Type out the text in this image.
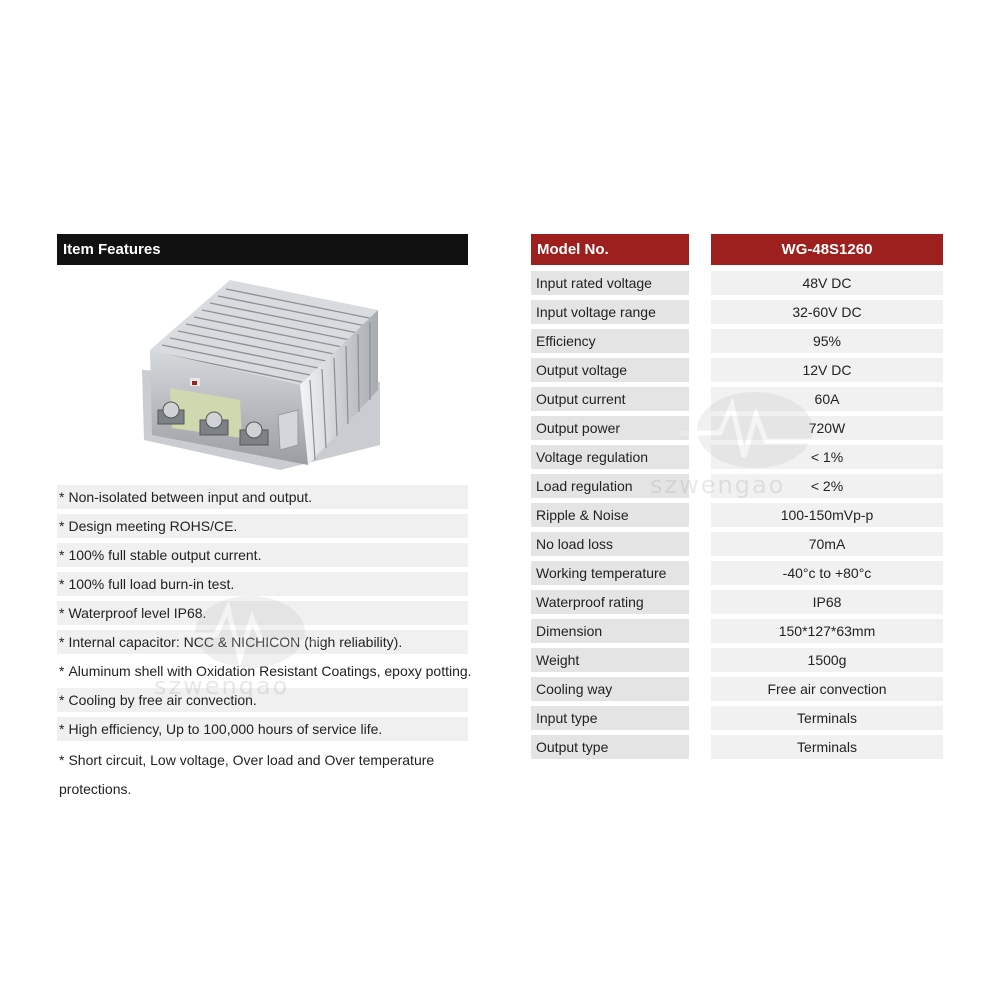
Item Features
* Non-isolated between input and output.
* Design meeting ROHS/CE.
* 100% full stable output current.
* 100% full load burn-in test.
* Waterproof level IP68.
* Internal capacitor: NCC & NICHICON (high reliability).
* Aluminum shell with Oxidation Resistant Coatings, epoxy potting.
* Cooling by free air convection.
* High efficiency, Up to 100,000 hours of service life.
* Short circuit, Low voltage, Over load and Over temperature protections.
Model No.	WG-48S1260
Input rated voltage	48V DC
Input voltage range	32-60V DC
Efficiency	95%
Output voltage	12V DC
Output current	60A
Output power	720W
Voltage regulation	< 1%
Load regulation	< 2%
Ripple & Noise	100-150mVp-p
No load loss	70mA
Working temperature	-40°c to +80°c
Waterproof rating	IP68
Dimension	150*127*63mm
Weight	1500g
Cooling way	Free air convection
Input type	Terminals
Output type	Terminals
szwengao
szwengao
